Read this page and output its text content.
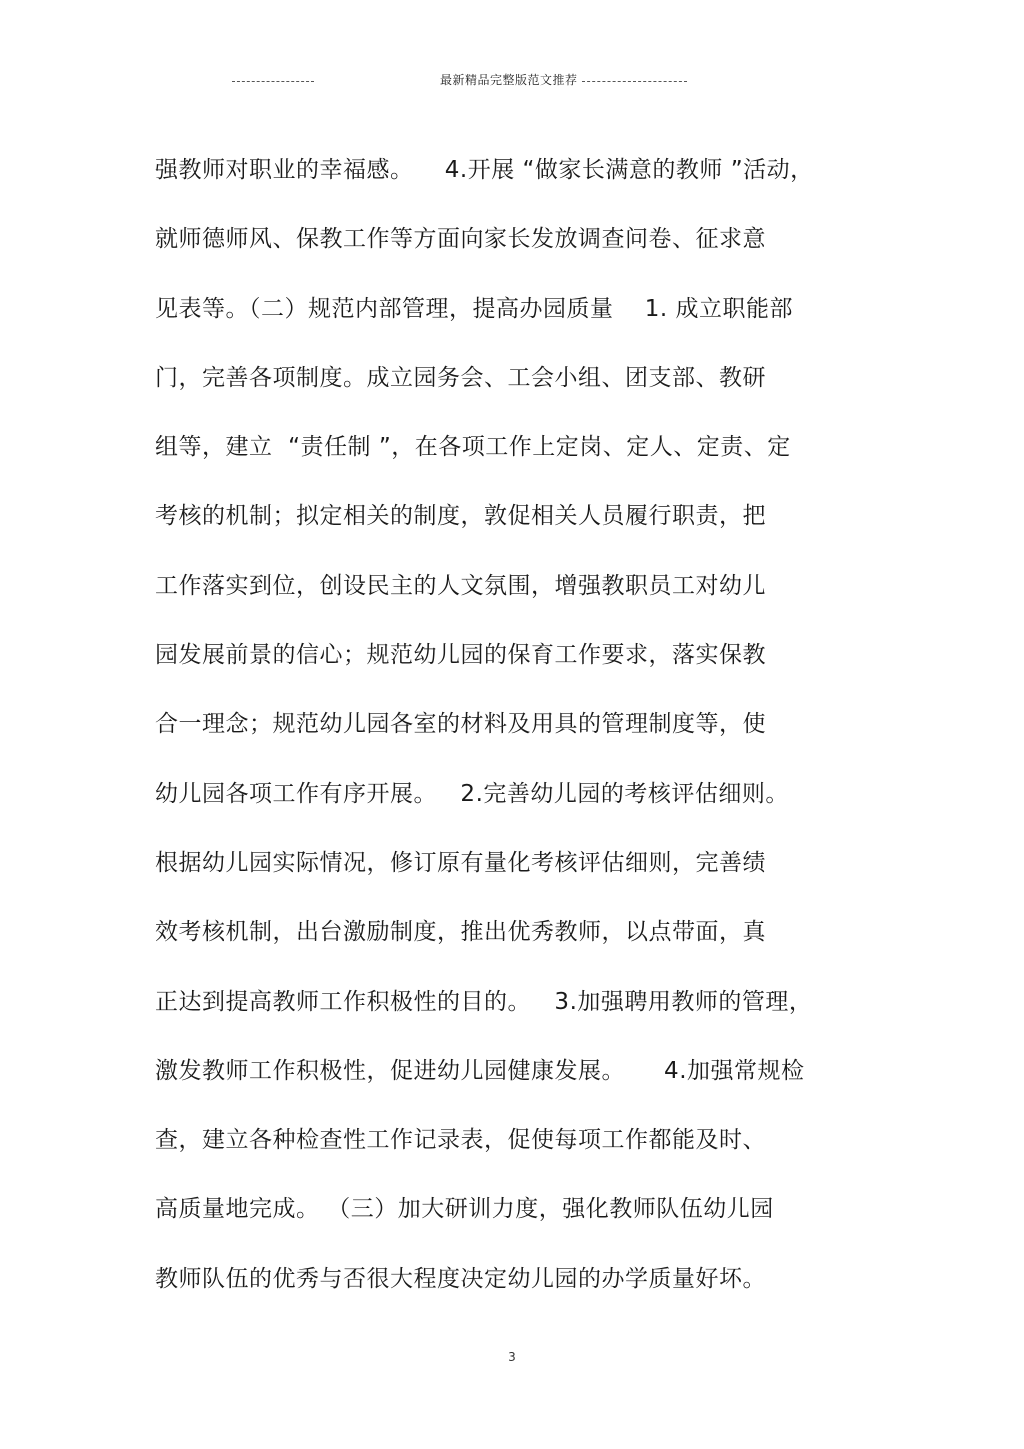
最新精品完整版范文推荐
强教师对职业的幸福感。    4.开展 “做家长满意的教师 ”活动，
就师德师风、保教工作等方面向家长发放调查问卷、征求意
见表等。（二）规范内部管理，提高办园质量    1. 成立职能部
门，完善各项制度。成立园务会、工会小组、团支部、教研
组等，建立  “责任制 ”，在各项工作上定岗、定人、定责、定
考核的机制；拟定相关的制度，敦促相关人员履行职责，把
工作落实到位，创设民主的人文氛围，增强教职员工对幼儿
园发展前景的信心；规范幼儿园的保育工作要求，落实保教
合一理念；规范幼儿园各室的材料及用具的管理制度等，使
幼儿园各项工作有序开展。   2.完善幼儿园的考核评估细则。
根据幼儿园实际情况，修订原有量化考核评估细则，完善绩
效考核机制，出台激励制度，推出优秀教师，以点带面，真
正达到提高教师工作积极性的目的。   3.加强聘用教师的管理，
激发教师工作积极性，促进幼儿园健康发展。     4.加强常规检
查，建立各种检查性工作记录表，促使每项工作都能及时、
高质量地完成。 （三）加大研训力度，强化教师队伍幼儿园
教师队伍的优秀与否很大程度决定幼儿园的办学质量好坏。
3
